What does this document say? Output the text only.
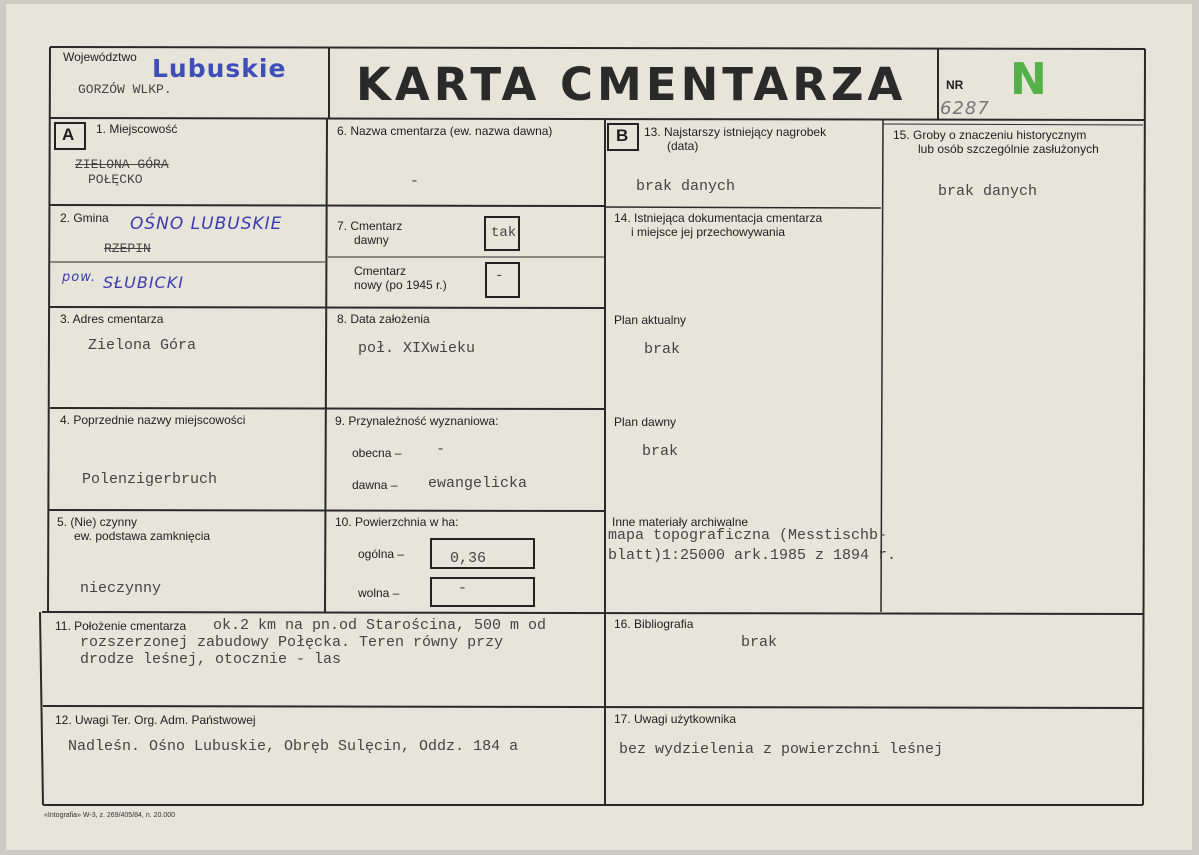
Województwo Lubuskie
GORZÓW WLKP.	KARTA CMENTARZA	NR
6287
N
A 1. Miejscowość
ZIELONA GÓRA
POŁĘCKO
2. Gmina OŚNO LUBUSKIE
RZEPIN
pow. SŁUBICKI
3. Adres cmentarza
Zielona Góra
4. Poprzednie nazwy miejscowości
Polenzigerbruch
5. (Nie) czynny
ew. podstawa zamknięcia
nieczynny
6. Nazwa cmentarza (ew. nazwa dawna)
-
7. Cmentarz
dawny	tak
Cmentarz
nowy (po 1945 r.)
-
8. Data założenia
poł. XIXwieku
9. Przynależność wyznaniowa:
obecna – -
dawna – ewangelicka
10. Powierzchnia w ha:
ogólna –	0,36
wolna –	-
11. Położenie cmentarza ok.2 km na pn.od Starościna, 500 m od
rozszerzonej zabudowy Połęcka. Teren równy przy
drodze leśnej, otocznie - las
12. Uwagi Ter. Org. Adm. Państwowej
Nadleśn. Ośno Lubuskie, Obręb Sulęcin, Oddz. 184 a
B 13. Najstarszy istniejący nagrobek
(data)
brak danych
14. Istniejąca dokumentacja cmentarza
i miejsce jej przechowywania
Plan aktualny
brak
Plan dawny
brak
Inne materiały archiwalne
mapa topograficzna (Messtischb-
blatt)1:25000 ark.1985 z 1894 r.
15. Groby o znaczeniu historycznym
lub osób szczególnie zasłużonych
brak danych
16. Bibliografia
brak
17. Uwagi użytkownika
bez wydzielenia z powierzchni leśnej
«Intografia» W-3, z. 269/405/84, n. 20.000
